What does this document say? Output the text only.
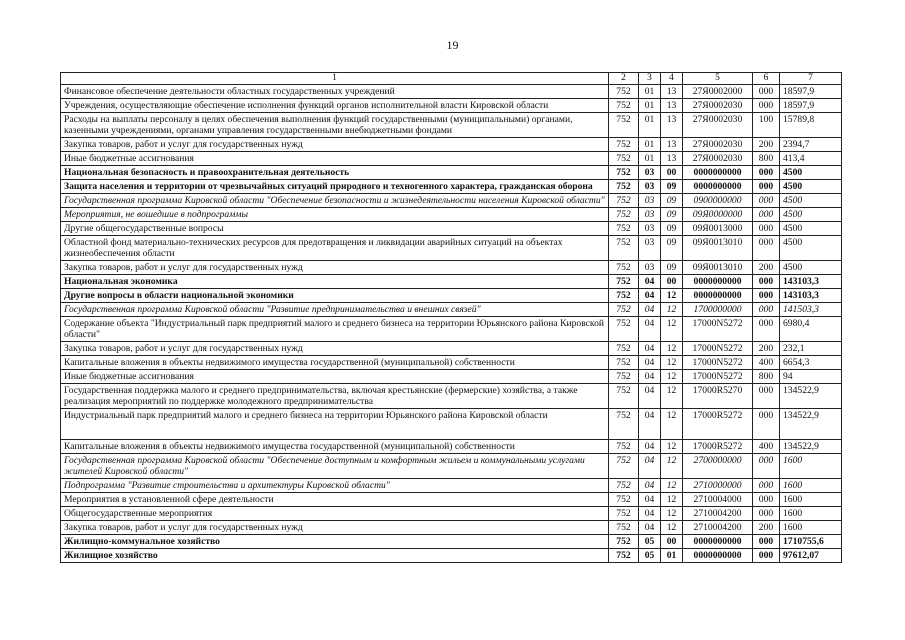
19
1	2	3	4	5	6	7
Финансовое обеспечение деятельности областных государственных учреждений	752	01	13	27Я0002000	000	18597,9
Учреждения, осуществляющие обеспечение исполнения функций органов исполнительной власти Кировской области	752	01	13	27Я0002030	000	18597,9
Расходы на выплаты персоналу в целях обеспечения выполнения функций государственными (муниципальными) органами, казенными учреждениями, органами управления государственными внебюджетными фондами	752	01	13	27Я0002030	100	15789,8
Закупка товаров, работ и услуг для государственных нужд	752	01	13	27Я0002030	200	2394,7
Иные бюджетные ассигнования	752	01	13	27Я0002030	800	413,4
Национальная безопасность и правоохранительная деятельность	752	03	00	0000000000	000	4500
Защита населения и территории от чрезвычайных ситуаций природного и техногенного характера, гражданская оборона	752	03	09	0000000000	000	4500
Государственная программа Кировской области "Обеспечение безопасности и жизнедеятельности населения Кировской области"	752	03	09	0900000000	000	4500
Мероприятия, не вошедшие в подпрограммы	752	03	09	09Я0000000	000	4500
Другие общегосударственные вопросы	752	03	09	09Я0013000	000	4500
Областной фонд материально-технических ресурсов для предотвращения и ликвидации аварийных ситуаций на объектах жизнеобеспечения области	752	03	09	09Я0013010	000	4500
Закупка товаров, работ и услуг для государственных нужд	752	03	09	09Я0013010	200	4500
Национальная экономика	752	04	00	0000000000	000	143103,3
Другие вопросы в области национальной экономики	752	04	12	0000000000	000	143103,3
Государственная программа Кировской области "Развитие предпринимательства и внешних связей"	752	04	12	1700000000	000	141503,3
Содержание объекта "Индустриальный парк предприятий малого и среднего бизнеса на территории Юрьянского района Кировской области"	752	04	12	17000N5272	000	6980,4
Закупка товаров, работ и услуг для государственных нужд	752	04	12	17000N5272	200	232,1
Капитальные вложения в объекты недвижимого имущества государственной (муниципальной) собственности	752	04	12	17000N5272	400	6654,3
Иные бюджетные ассигнования	752	04	12	17000N5272	800	94
Государственная поддержка малого и среднего предпринимательства, включая крестьянские (фермерские) хозяйства, а также реализация мероприятий по поддержке молодежного предпринимательства	752	04	12	17000R5270	000	134522,9
Индустриальный парк предприятий малого и среднего бизнеса на территории Юрьянского района Кировской области	752	04	12	17000R5272	000	134522,9
Капитальные вложения в объекты недвижимого имущества государственной (муниципальной) собственности	752	04	12	17000R5272	400	134522,9
Государственная программа Кировской области "Обеспечение доступным и комфортным жильем и коммунальными услугами жителей Кировской области"	752	04	12	2700000000	000	1600
Подпрограмма "Развитие строительства и архитектуры Кировской области"	752	04	12	2710000000	000	1600
Мероприятия в установленной сфере деятельности	752	04	12	2710004000	000	1600
Общегосударственные мероприятия	752	04	12	2710004200	000	1600
Закупка товаров, работ и услуг для государственных нужд	752	04	12	2710004200	200	1600
Жилищно-коммунальное хозяйство	752	05	00	0000000000	000	1710755,6
Жилищное хозяйство	752	05	01	0000000000	000	97612,07
